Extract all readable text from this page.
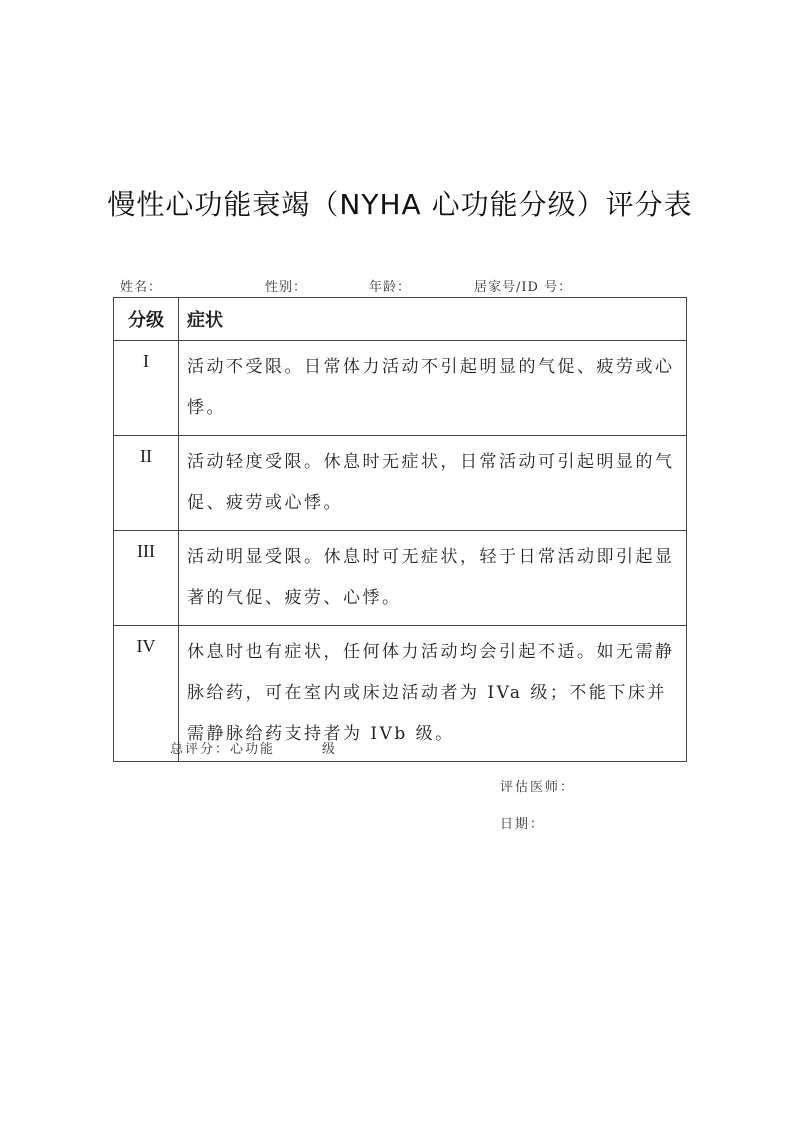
慢性心功能衰竭（NYHA 心功能分级）评分表
姓名：	性别：	年龄：	居家号/ID 号：
分级	症状
I	活动不受限。日常体力活动不引起明显的气促、疲劳或心悸。
II	活动轻度受限。休息时无症状，日常活动可引起明显的气促、疲劳或心悸。
III	活动明显受限。休息时可无症状，轻于日常活动即引起显著的气促、疲劳、心悸。
IV	休息时也有症状，任何体力活动均会引起不适。如无需静脉给药，可在室内或床边活动者为 IVa 级；不能下床并需静脉给药支持者为 IVb 级。
总评分：心功能	级
评估医师：
日期：
